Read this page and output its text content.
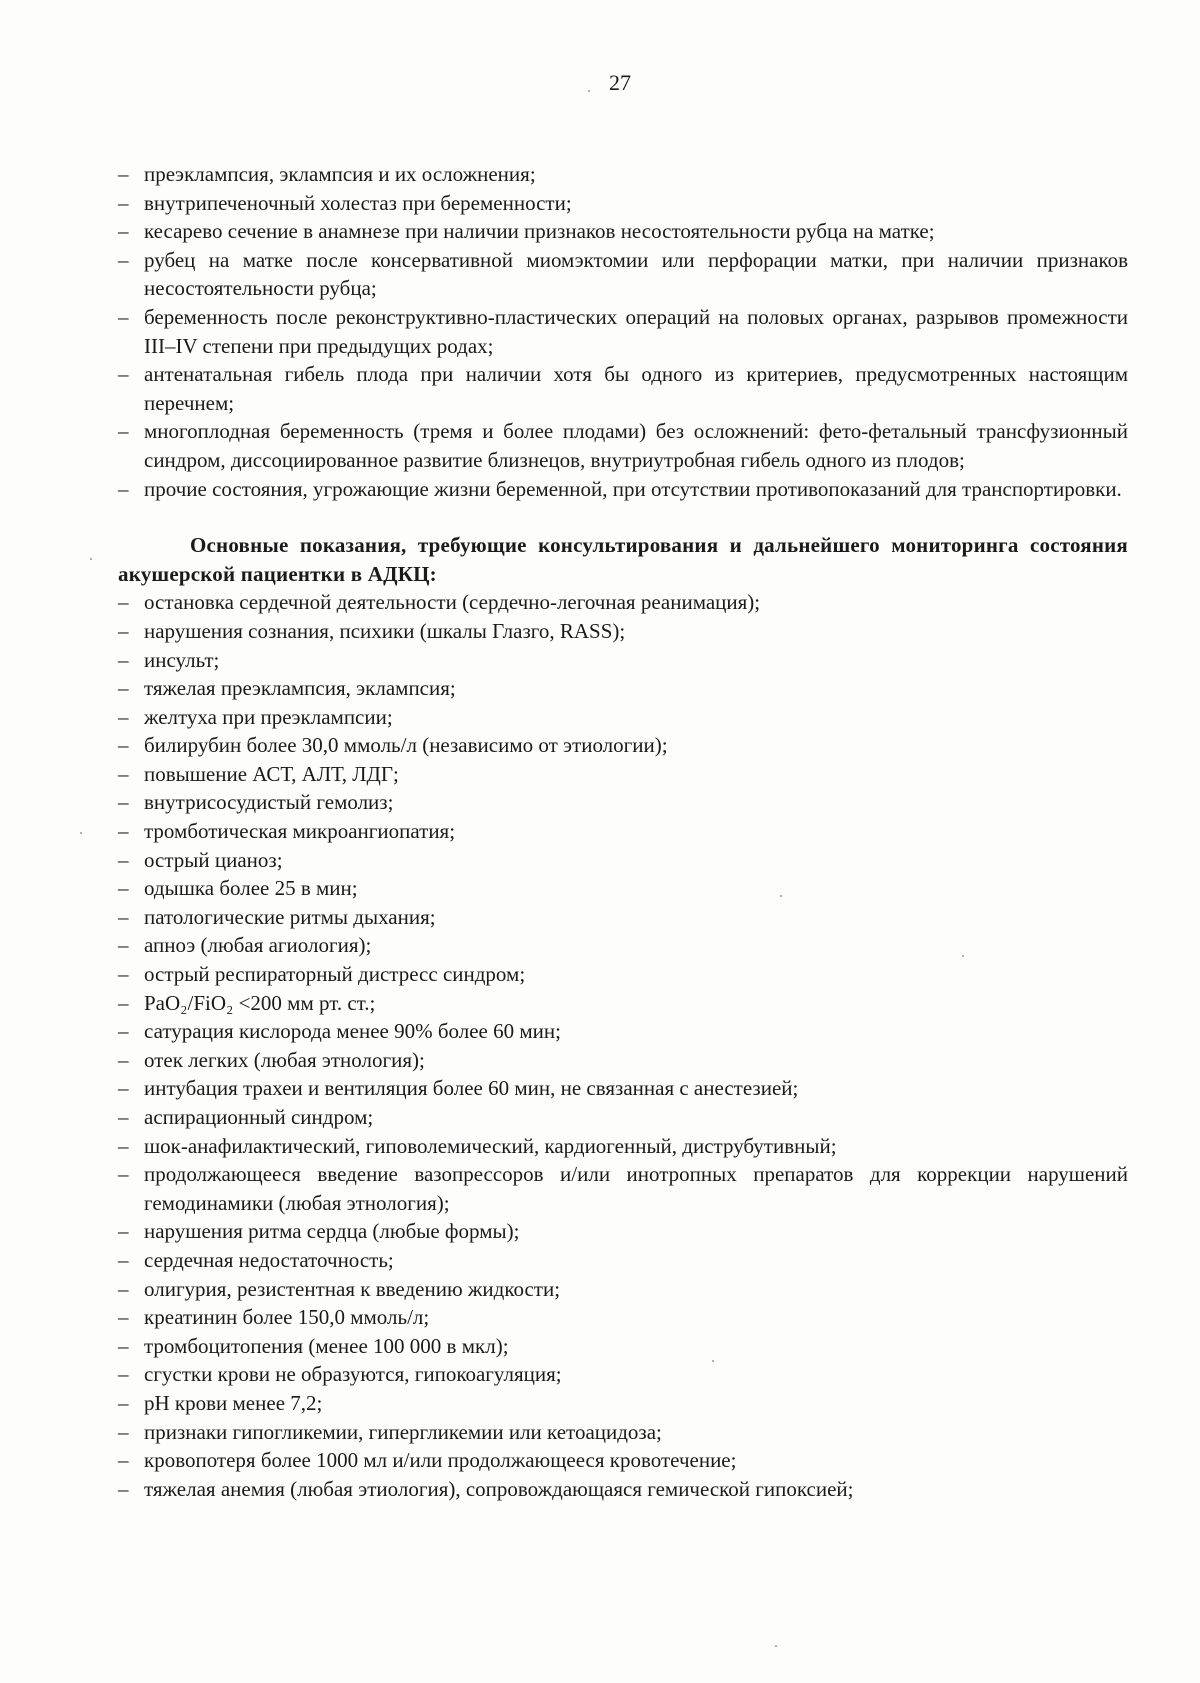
27
– преэклампсия, эклампсия и их осложнения;
– внутрипеченочный холестаз при беременности;
– кесарево сечение в анамнезе при наличии признаков несостоятельности рубца на матке;
– рубец на матке после консервативной миомэктомии или перфорации матки, при наличии признаков несостоятельности рубца;
– беременность после реконструктивно-пластических операций на половых органах, разрывов промежности III–IV степени при предыдущих родах;
– антенатальная гибель плода при наличии хотя бы одного из критериев, предусмотренных настоящим перечнем;
– многоплодная беременность (тремя и более плодами) без осложнений: фето-фетальный трансфузионный синдром, диссоциированное развитие близнецов, внутриутробная гибель одного из плодов;
– прочие состояния, угрожающие жизни беременной, при отсутствии противопоказаний для транспортировки.

Основные показания, требующие консультирования и дальнейшего мониторинга состояния акушерской пациентки в АДКЦ:

– остановка сердечной деятельности (сердечно-легочная реанимация);
– нарушения сознания, психики (шкалы Глазго, RASS);
– инсульт;
– тяжелая преэклампсия, эклампсия;
– желтуха при преэклампсии;
– билирубин более 30,0 ммоль/л (независимо от этиологии);
– повышение АСТ, АЛТ, ЛДГ;
– внутрисосудистый гемолиз;
– тромботическая микроангиопатия;
– острый цианоз;
– одышка более 25 в мин;
– патологические ритмы дыхания;
– апноэ (любая агиология);
– острый респираторный дистресс синдром;
– PaO₂/FiO₂ <200 мм рт. ст.;
– сатурация кислорода менее 90% более 60 мин;
– отек легких (любая этнология);
– интубация трахеи и вентиляция более 60 мин, не связанная с анестезией;
– аспирационный синдром;
– шок-анафилактический, гиповолемический, кардиогенный, диструбутивный;
– продолжающееся введение вазопрессоров и/или инотропных препаратов для коррекции нарушений гемодинамики (любая этнология);
– нарушения ритма сердца (любые формы);
– сердечная недостаточность;
– олигурия, резистентная к введению жидкости;
– креатинин более 150,0 ммоль/л;
– тромбоцитопения (менее 100 000 в мкл);
– сгустки крови не образуются, гипокоагуляция;
– pH крови менее 7,2;
– признаки гипогликемии, гипергликемии или кетоацидоза;
– кровопотеря более 1000 мл и/или продолжающееся кровотечение;
– тяжелая анемия (любая этиология), сопровождающаяся гемической гипоксией;
